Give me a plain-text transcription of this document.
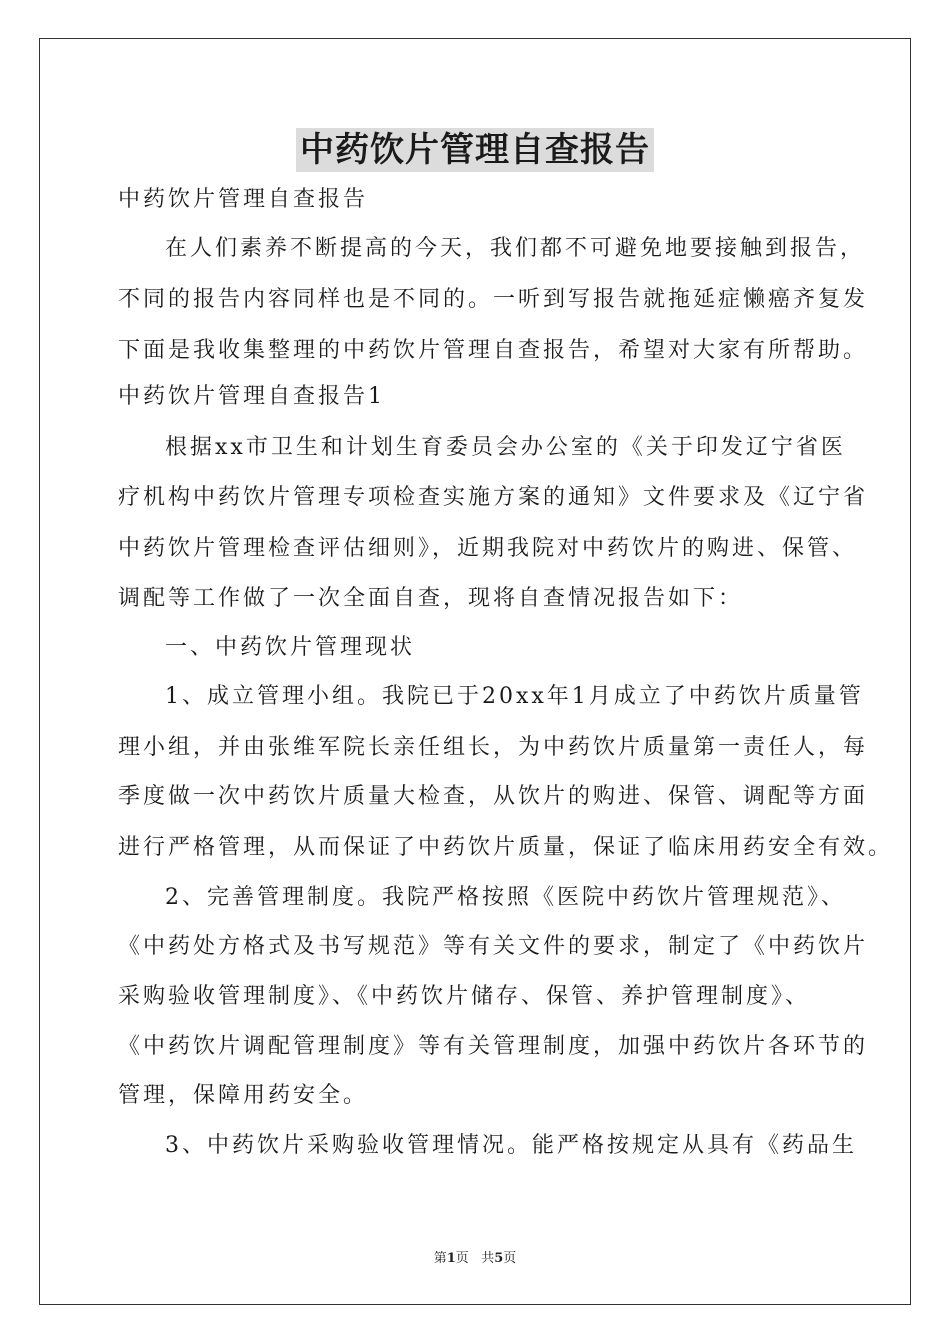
中药饮片管理自查报告
中药饮片管理自查报告
在人们素养不断提高的今天，我们都不可避免地要接触到报告，
不同的报告内容同样也是不同的。一听到写报告就拖延症懒癌齐复发
下面是我收集整理的中药饮片管理自查报告，希望对大家有所帮助。
中药饮片管理自查报告1
根据xx市卫生和计划生育委员会办公室的《关于印发辽宁省医
疗机构中药饮片管理专项检查实施方案的通知》文件要求及《辽宁省
中药饮片管理检查评估细则》，近期我院对中药饮片的购进、保管、
调配等工作做了一次全面自查，现将自查情况报告如下：
一、中药饮片管理现状
1、成立管理小组。我院已于20xx年1月成立了中药饮片质量管
理小组，并由张维军院长亲任组长，为中药饮片质量第一责任人，每
季度做一次中药饮片质量大检查，从饮片的购进、保管、调配等方面
进行严格管理，从而保证了中药饮片质量，保证了临床用药安全有效。
2、完善管理制度。我院严格按照《医院中药饮片管理规范》、
《中药处方格式及书写规范》等有关文件的要求，制定了《中药饮片
采购验收管理制度》、《中药饮片储存、保管、养护管理制度》、
《中药饮片调配管理制度》等有关管理制度，加强中药饮片各环节的
管理，保障用药安全。
3、中药饮片采购验收管理情况。能严格按规定从具有《药品生
第1页   共5页
